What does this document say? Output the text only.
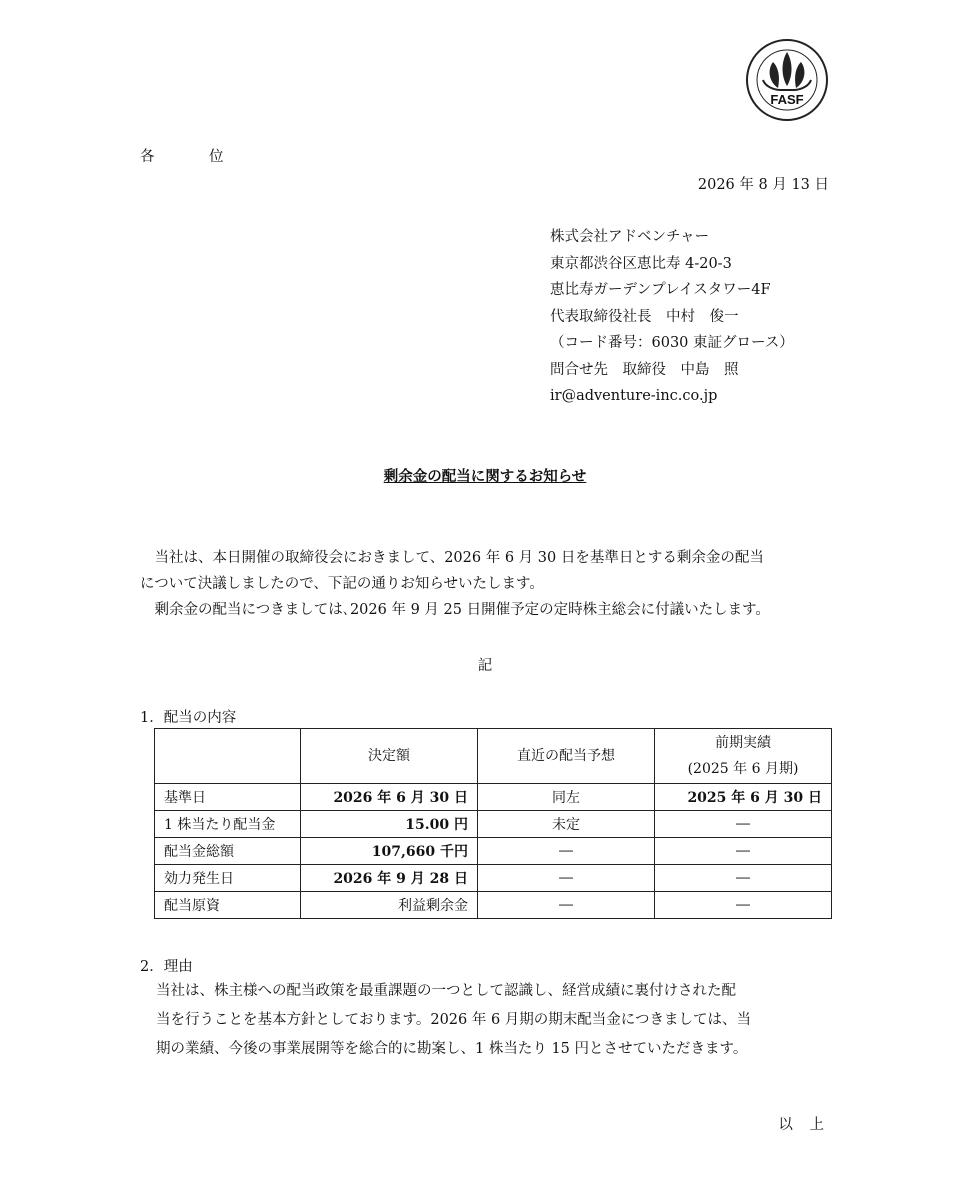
FASF
各　位
2026 年 8 月 13 日
株式会社アドベンチャー
東京都渋谷区恵比寿 4-20-3
恵比寿ガーデンプレイスタワー4F
代表取締役社長　中村　俊一
（コード番号：6030 東証グロース）
問合せ先　取締役　中島　照
ir@adventure-inc.co.jp
剰余金の配当に関するお知らせ

　当社は、本日開催の取締役会におきまして、2026 年 6 月 30 日を基準日とする剰余金の配当

について決議しましたので、下記の通りお知らせいたします。

　剰余金の配当につきましては､2026 年 9 月 25 日開催予定の定時株主総会に付議いたします。

記
1．配当の内容
	決定額	直近の配当予想	前期実績
(2025 年 6 月期)

基準日	2026 年 6 月 30 日	同左	2025 年 6 月 30 日
1 株当たり配当金	15.00 円	未定	―
配当金総額	107,660 千円	―	―
効力発生日	2026 年 9 月 28 日	―	―
配当原資	利益剰余金	―	―
2．理由

当社は、株主様への配当政策を最重課題の一つとして認識し、経営成績に裏付けされた配

当を行うことを基本方針としております。2026 年 6 月期の期末配当金につきましては、当

期の業績、今後の事業展開等を総合的に勘案し、1 株当たり 15 円とさせていただきます。

以 上
